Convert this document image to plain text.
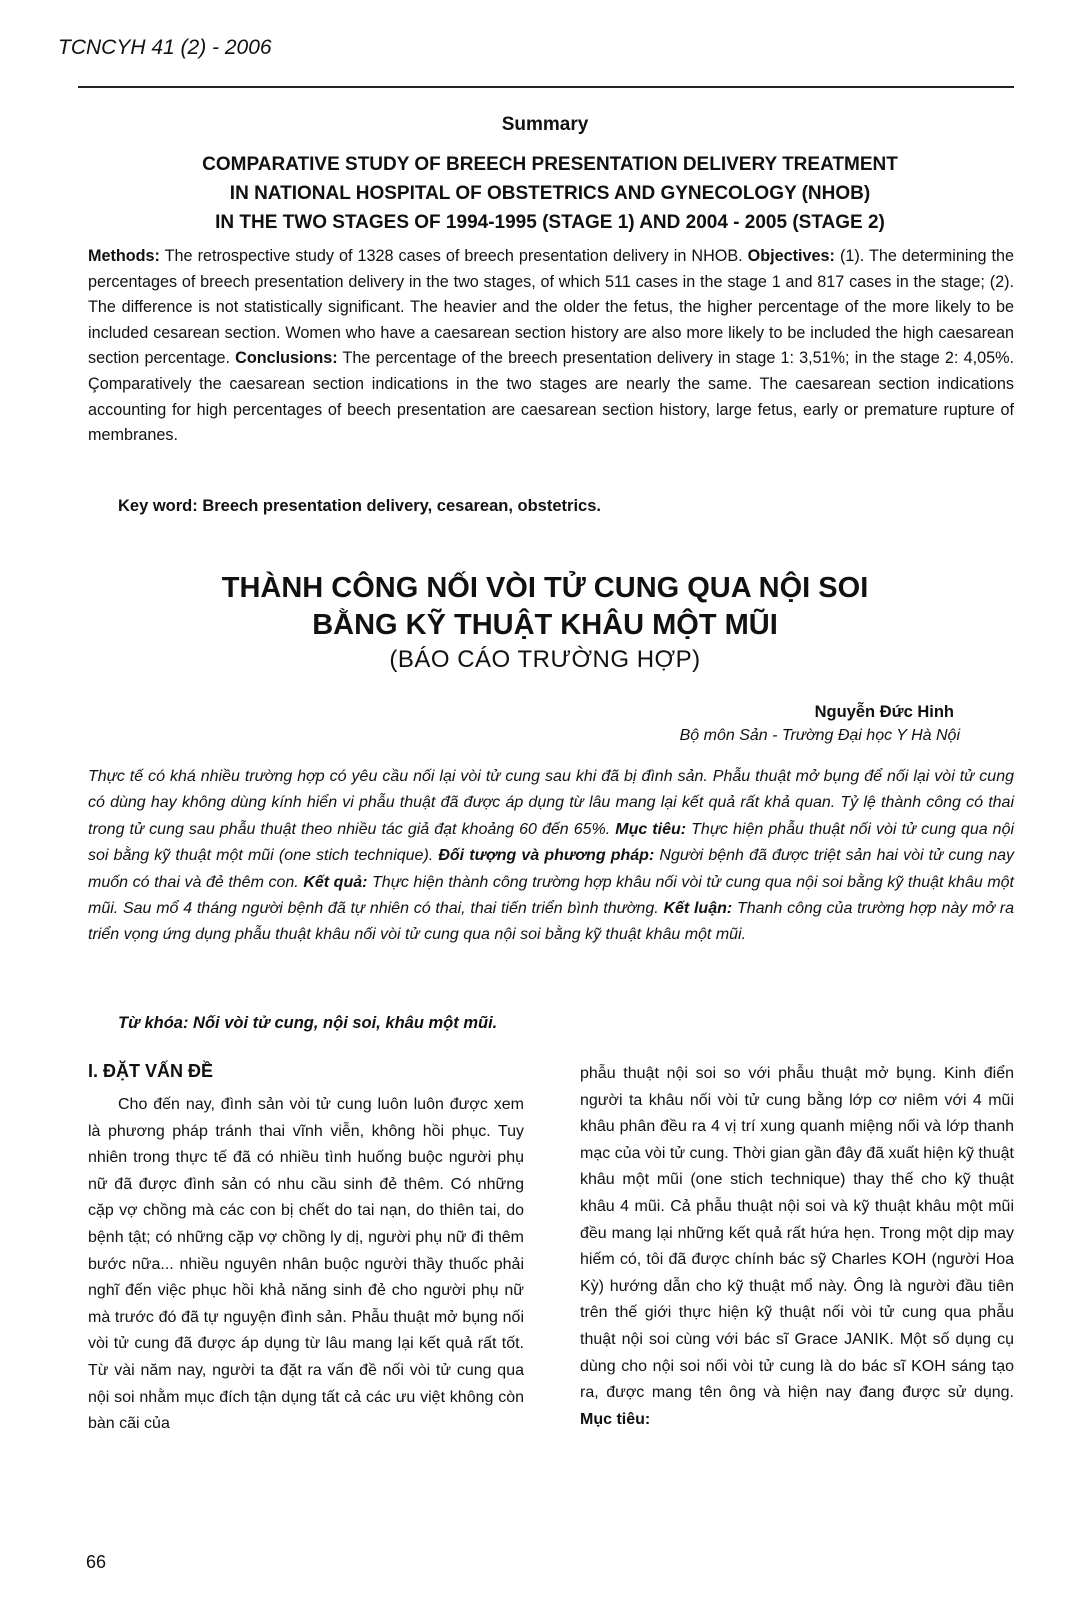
TCNCYH 41 (2) - 2006
Summary
COMPARATIVE STUDY OF BREECH PRESENTATION DELIVERY TREATMENT
IN NATIONAL HOSPITAL OF OBSTETRICS AND GYNECOLOGY (NHOB)
IN THE TWO STAGES OF 1994-1995 (STAGE 1) AND 2004 - 2005 (STAGE 2)
Methods: The retrospective study of 1328 cases of breech presentation delivery in NHOB. Objectives: (1). The determining the percentages of breech presentation delivery in the two stages, of which 511 cases in the stage 1 and 817 cases in the stage; (2). The difference is not statistically significant. The heavier and the older the fetus, the higher percentage of the more likely to be included cesarean section. Women who have a caesarean section history are also more likely to be included the high caesarean section percentage. Conclusions: The percentage of the breech presentation delivery in stage 1: 3,51%; in the stage 2: 4,05%. Çomparatively the caesarean section indications in the two stages are nearly the same. The caesarean section indications accounting for high percentages of beech presentation are caesarean section history, large fetus, early or premature rupture of membranes.
Key word: Breech presentation delivery, cesarean, obstetrics.
THÀNH CÔNG NỐI VÒI TỬ CUNG QUA NỘI SOI
BẰNG KỸ THUẬT KHÂU MỘT MŨI
(BÁO CÁO TRƯỜNG HỢP)
Nguyễn Đức Hinh
Bộ môn Sản - Trường Đại học Y Hà Nội
Thực tế có khá nhiều trường hợp có yêu cầu nối lại vòi tử cung sau khi đã bị đình sản. Phẫu thuật mở bụng để nối lại vòi tử cung có dùng hay không dùng kính hiển vi phẫu thuật đã được áp dụng từ lâu mang lại kết quả rất khả quan. Tỷ lệ thành công có thai trong tử cung sau phẫu thuật theo nhiều tác giả đạt khoảng 60 đến 65%. Mục tiêu: Thực hiện phẫu thuật nối vòi tử cung qua nội soi bằng kỹ thuật một mũi (one stich technique). Đối tượng và phương pháp: Người bệnh đã được triệt sản hai vòi tử cung nay muốn có thai và đẻ thêm con. Kết quả: Thực hiện thành công trường hợp khâu nối vòi tử cung qua nội soi bằng kỹ thuật khâu một mũi. Sau mổ 4 tháng người bệnh đã tự nhiên có thai, thai tiến triển bình thường. Kết luận: Thanh công của trường hợp này mở ra triển vọng ứng dụng phẫu thuật khâu nối vòi tử cung qua nội soi bằng kỹ thuật khâu một mũi.
Từ khóa: Nối vòi tử cung, nội soi, khâu một mũi.
I. ĐẶT VẤN ĐỀ

Cho đến nay, đình sản vòi tử cung luôn luôn được xem là phương pháp tránh thai vĩnh viễn, không hồi phục. Tuy nhiên trong thực tế đã có nhiều tình huống buộc người phụ nữ đã được đình sản có nhu cầu sinh đẻ thêm. Có những cặp vợ chồng mà các con bị chết do tai nạn, do thiên tai, do bệnh tật; có những cặp vợ chồng ly dị, người phụ nữ đi thêm bước nữa... nhiều nguyên nhân buộc người thầy thuốc phải nghĩ đến việc phục hồi khả năng sinh đẻ cho người phụ nữ mà trước đó đã tự nguyện đình sản. Phẫu thuật mở bụng nối vòi tử cung đã được áp dụng từ lâu mang lại kết quả rất tốt. Từ vài năm nay, người ta đặt ra vấn đề nối vòi tử cung qua nội soi nhằm mục đích tận dụng tất cả các ưu việt không còn bàn cãi của

phẫu thuật nội soi so với phẫu thuật mở bụng. Kinh điển người ta khâu nối vòi tử cung bằng lớp cơ niêm với 4 mũi khâu phân đều ra 4 vị trí xung quanh miệng nối và lớp thanh mạc của vòi tử cung. Thời gian gần đây đã xuất hiện kỹ thuật khâu một mũi (one stich technique) thay thế cho kỹ thuật khâu 4 mũi. Cả phẫu thuật nội soi và kỹ thuật khâu một mũi đều mang lại những kết quả rất hứa hẹn. Trong một dịp may hiếm có, tôi đã được chính bác sỹ Charles KOH (người Hoa Kỳ) hướng dẫn cho kỹ thuật mổ này. Ông là người đầu tiên trên thế giới thực hiện kỹ thuật nối vòi tử cung qua phẫu thuật nội soi cùng với bác sĩ Grace JANIK. Một số dụng cụ dùng cho nội soi nối vòi tử cung là do bác sĩ KOH sáng tạo ra, được mang tên ông và hiện nay đang được sử dụng. Mục tiêu:

66
